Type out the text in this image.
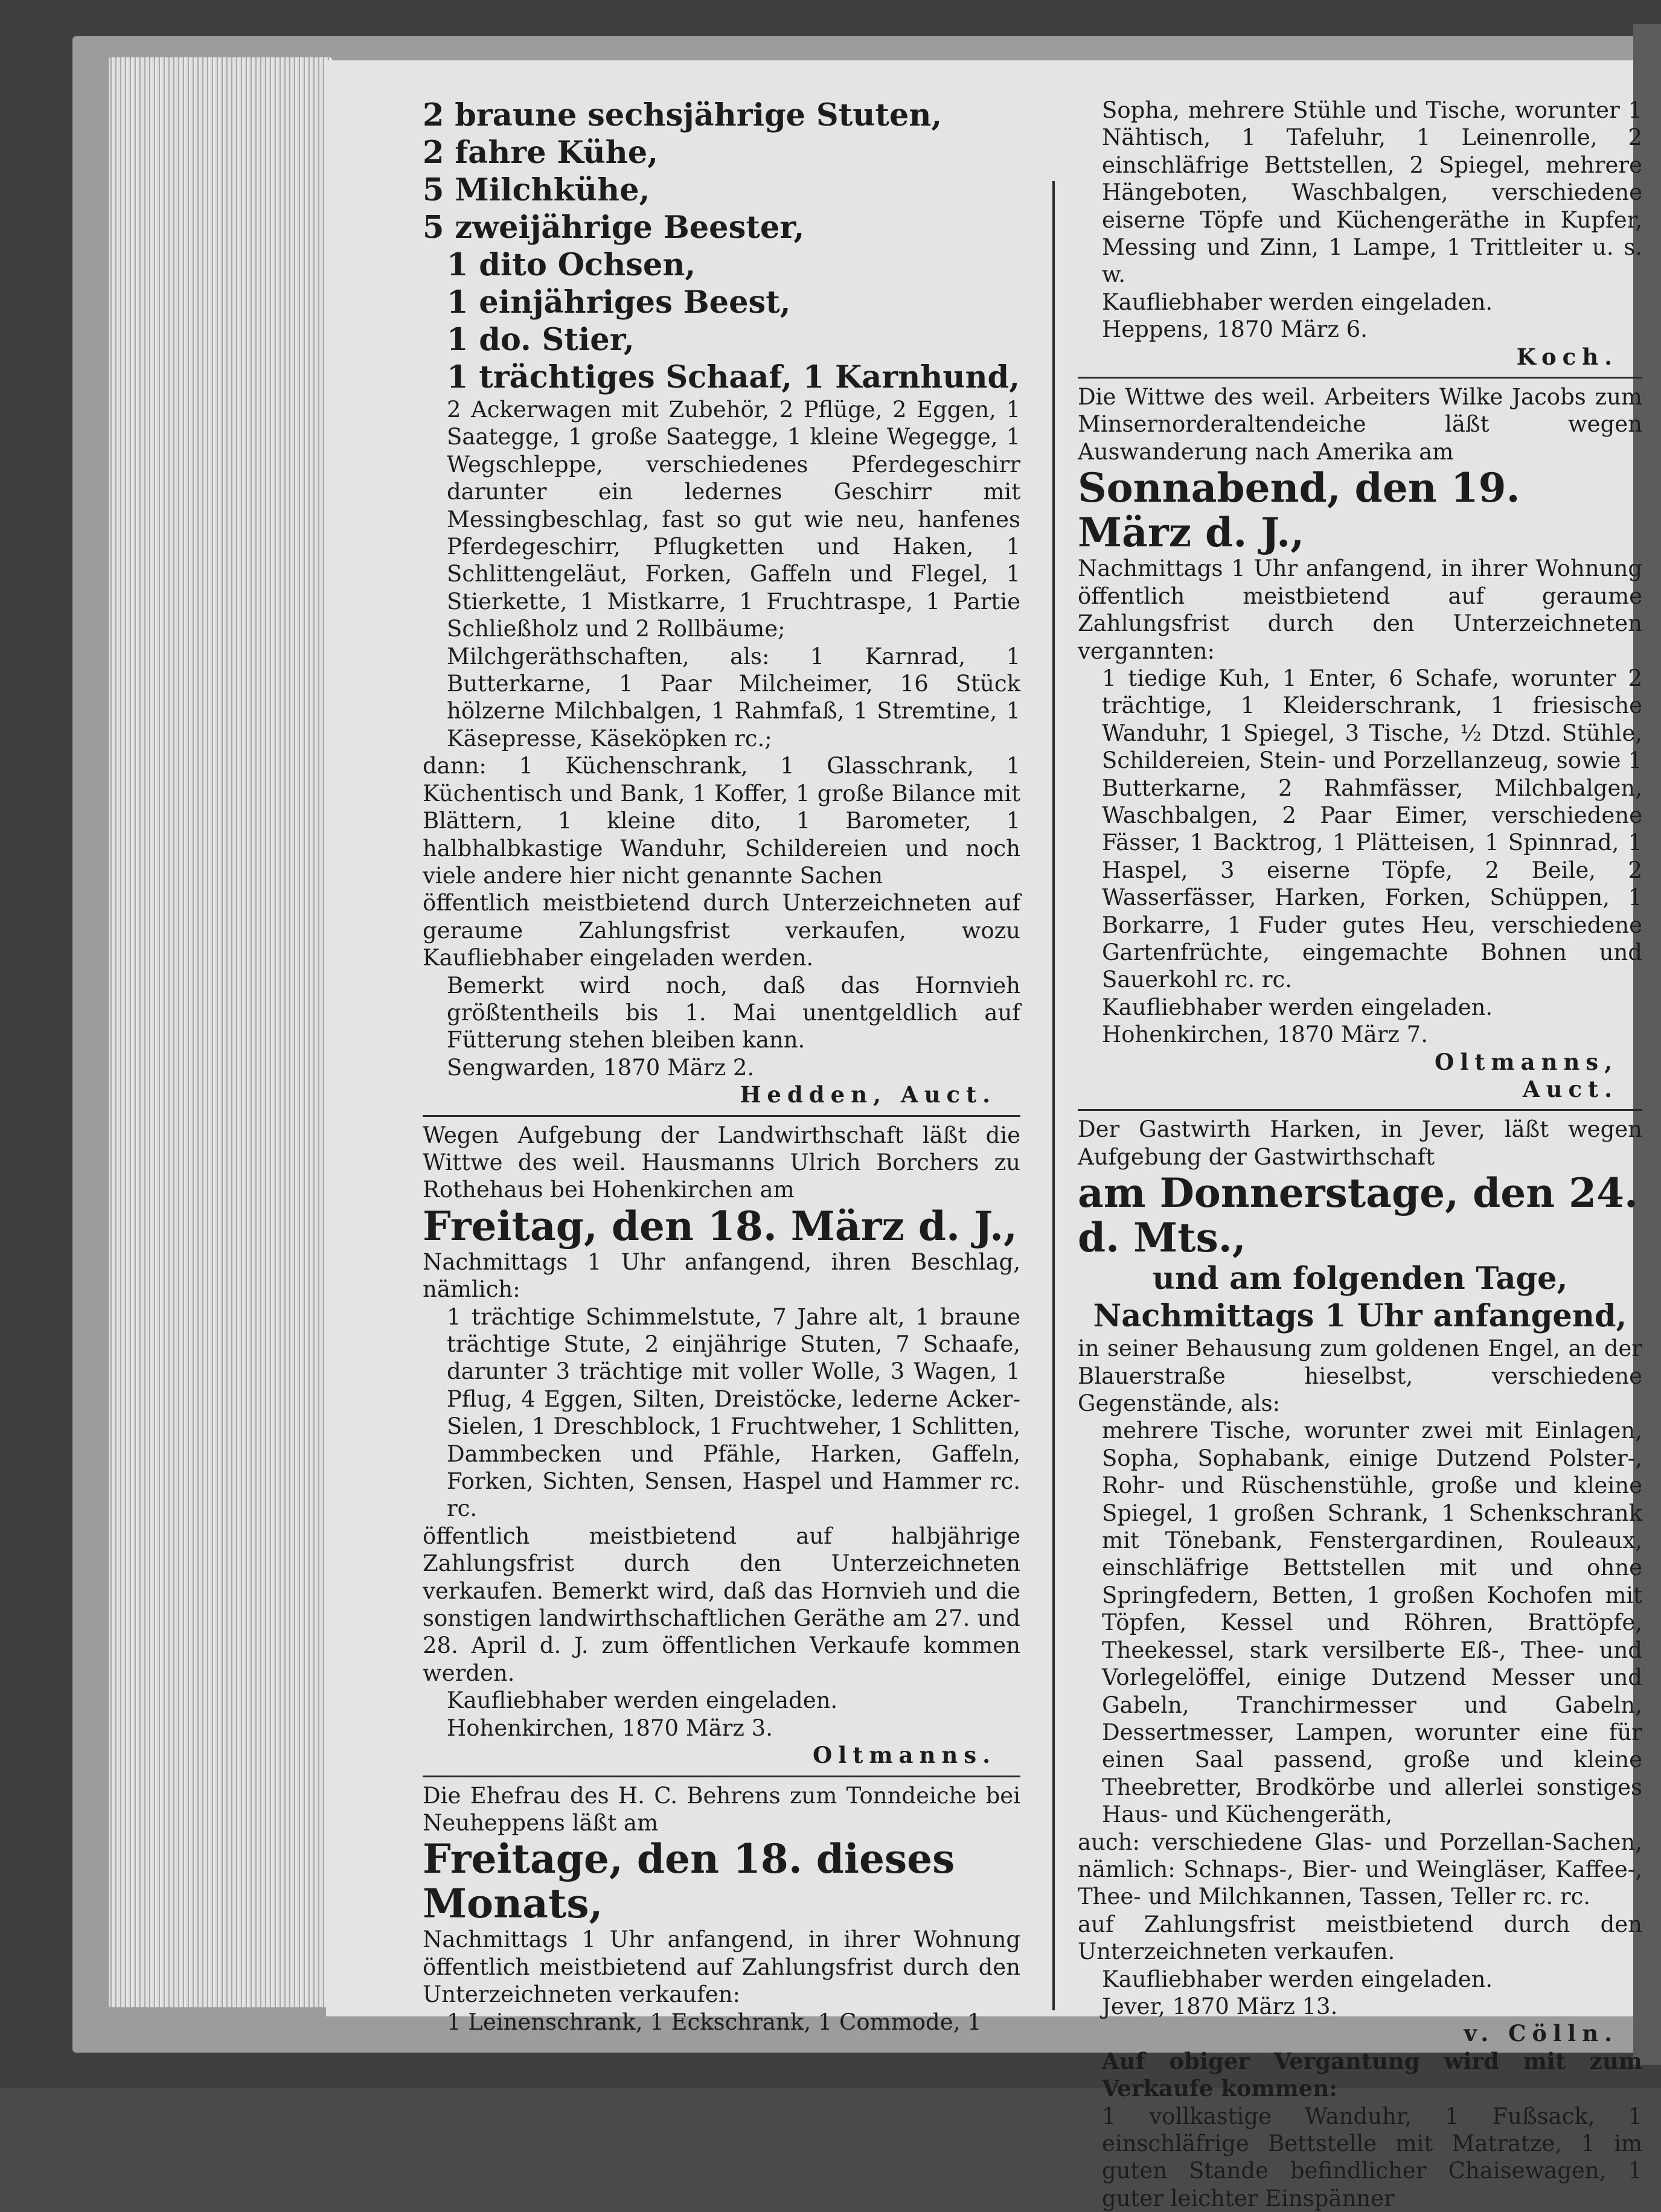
2 braune sechsjährige Stuten,

2 fahre Kühe,

5 Milchkühe,

5 zweijährige Beester,

1 dito Ochsen,

1 einjähriges Beest,

1 do. Stier,

1 trächtiges Schaaf, 1 Karnhund,

2 Ackerwagen mit Zubehör, 2 Pflüge, 2 Eggen, 1 Saategge, 1 große Saategge, 1 kleine Wegegge, 1 Wegschleppe, verschiedenes Pferdegeschirr darunter ein ledernes Geschirr mit Messingbeschlag, fast so gut wie neu, hanfenes Pferdegeschirr, Pflugketten und Haken, 1 Schlittengeläut, Forken, Gaffeln und Flegel, 1 Stierkette, 1 Mistkarre, 1 Fruchtraspe, 1 Partie Schließholz und 2 Rollbäume;

Milchgeräthschaften, als: 1 Karnrad, 1 Butterkarne, 1 Paar Milcheimer, 16 Stück hölzerne Milchbalgen, 1 Rahmfaß, 1 Stremtine, 1 Käsepresse, Käseköpken rc.;

dann: 1 Küchenschrank, 1 Glasschrank, 1 Küchentisch und Bank, 1 Koffer, 1 große Bilance mit Blättern, 1 kleine dito, 1 Barometer, 1 halbhalbkastige Wanduhr, Schildereien und noch viele andere hier nicht genannte Sachen

öffentlich meistbietend durch Unterzeichneten auf geraume Zahlungsfrist verkaufen, wozu Kaufliebhaber eingeladen werden.

Bemerkt wird noch, daß das Hornvieh größtentheils bis 1. Mai unentgeldlich auf Fütterung stehen bleiben kann.

Sengwarden, 1870 März 2.

Hedden, Auct.

Wegen Aufgebung der Landwirthschaft läßt die Wittwe des weil. Hausmanns Ulrich Borchers zu Rothehaus bei Hohenkirchen am

Freitag, den 18. März d. J.,

Nachmittags 1 Uhr anfangend, ihren Beschlag, nämlich:

1 trächtige Schimmelstute, 7 Jahre alt, 1 braune trächtige Stute, 2 einjährige Stuten, 7 Schaafe, darunter 3 trächtige mit voller Wolle, 3 Wagen, 1 Pflug, 4 Eggen, Silten, Dreistöcke, lederne Acker-Sielen, 1 Dreschblock, 1 Fruchtweher, 1 Schlitten, Dammbecken und Pfähle, Harken, Gaffeln, Forken, Sichten, Sensen, Haspel und Hammer rc. rc.

öffentlich meistbietend auf halbjährige Zahlungsfrist durch den Unterzeichneten verkaufen. Bemerkt wird, daß das Hornvieh und die sonstigen landwirthschaftlichen Geräthe am 27. und 28. April d. J. zum öffentlichen Verkaufe kommen werden.

Kaufliebhaber werden eingeladen.

Hohenkirchen, 1870 März 3.

Oltmanns.

Die Ehefrau des H. C. Behrens zum Tonndeiche bei Neuheppens läßt am

Freitage, den 18. dieses Monats,

Nachmittags 1 Uhr anfangend, in ihrer Wohnung öffentlich meistbietend auf Zahlungsfrist durch den Unterzeichneten verkaufen:

1 Leinenschrank, 1 Eckschrank, 1 Commode, 1

Sopha, mehrere Stühle und Tische, worunter 1 Nähtisch, 1 Tafeluhr, 1 Leinenrolle, 2 einschläfrige Bettstellen, 2 Spiegel, mehrere Hängeboten, Waschbalgen, verschiedene eiserne Töpfe und Küchengeräthe in Kupfer, Messing und Zinn, 1 Lampe, 1 Trittleiter u. s. w.

Kaufliebhaber werden eingeladen.

Heppens, 1870 März 6.

Koch.

Die Wittwe des weil. Arbeiters Wilke Jacobs zum Minsernorderaltendeiche läßt wegen Auswanderung nach Amerika am

Sonnabend, den 19. März d. J.,

Nachmittags 1 Uhr anfangend, in ihrer Wohnung öffentlich meistbietend auf geraume Zahlungsfrist durch den Unterzeichneten vergannten:

1 tiedige Kuh, 1 Enter, 6 Schafe, worunter 2 trächtige, 1 Kleiderschrank, 1 friesische Wanduhr, 1 Spiegel, 3 Tische, ½ Dtzd. Stühle, Schildereien, Stein- und Porzellanzeug, sowie 1 Butterkarne, 2 Rahmfässer, Milchbalgen, Waschbalgen, 2 Paar Eimer, verschiedene Fässer, 1 Backtrog, 1 Plätteisen, 1 Spinnrad, 1 Haspel, 3 eiserne Töpfe, 2 Beile, 2 Wasserfässer, Harken, Forken, Schüppen, 1 Borkarre, 1 Fuder gutes Heu, verschiedene Gartenfrüchte, eingemachte Bohnen und Sauerkohl rc. rc.

Kaufliebhaber werden eingeladen.

Hohenkirchen, 1870 März 7.

Oltmanns,

Auct.

Der Gastwirth Harken, in Jever, läßt wegen Aufgebung der Gastwirthschaft

am Donnerstage, den 24. d. Mts.,

und am folgenden Tage,

Nachmittags 1 Uhr anfangend,

in seiner Behausung zum goldenen Engel, an der Blauerstraße hieselbst, verschiedene Gegenstände, als:

mehrere Tische, worunter zwei mit Einlagen, Sopha, Sophabank, einige Dutzend Polster-, Rohr- und Rüschenstühle, große und kleine Spiegel, 1 großen Schrank, 1 Schenkschrank mit Tönebank, Fenstergardinen, Rouleaux, einschläfrige Bettstellen mit und ohne Springfedern, Betten, 1 großen Kochofen mit Töpfen, Kessel und Röhren, Brattöpfe, Theekessel, stark versilberte Eß-, Thee- und Vorlegelöffel, einige Dutzend Messer und Gabeln, Tranchirmesser und Gabeln, Dessertmesser, Lampen, worunter eine für einen Saal passend, große und kleine Theebretter, Brodkörbe und allerlei sonstiges Haus- und Küchengeräth,

auch: verschiedene Glas- und Porzellan-Sachen, nämlich: Schnaps-, Bier- und Weingläser, Kaffee-, Thee- und Milchkannen, Tassen, Teller rc. rc.

auf Zahlungsfrist meistbietend durch den Unterzeichneten verkaufen.

Kaufliebhaber werden eingeladen.

Jever, 1870 März 13.

v. Cölln.

Auf obiger Vergantung wird mit zum Verkaufe kommen:

1 vollkastige Wanduhr, 1 Fußsack, 1 einschläfrige Bettstelle mit Matratze, 1 im guten Stande befindlicher Chaisewagen, 1 guter leichter Einspänner
